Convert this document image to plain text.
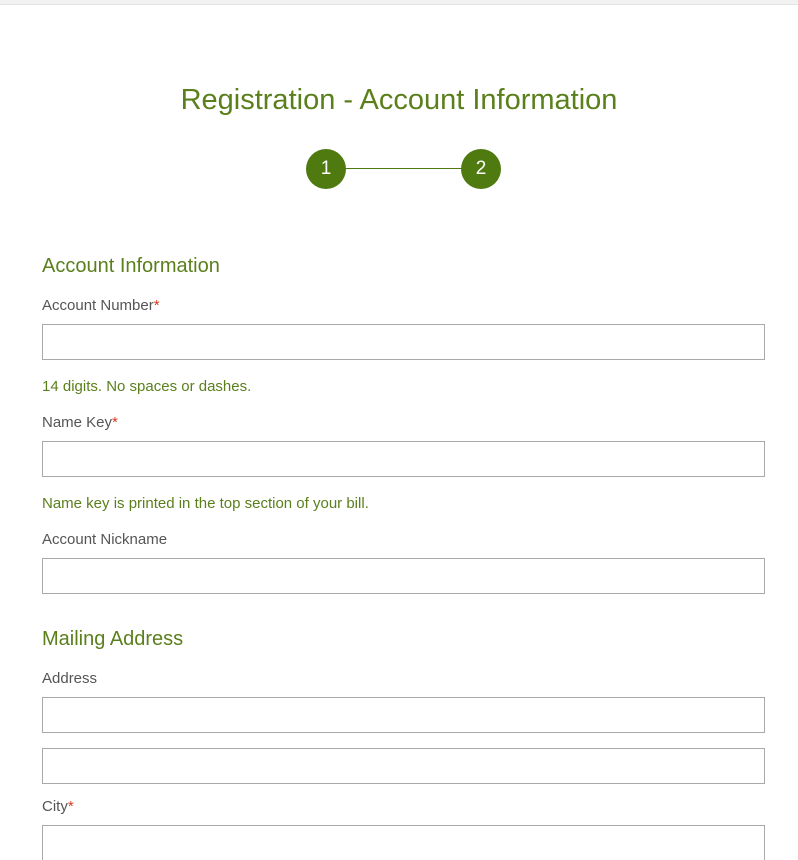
Registration - Account Information
1	2
Account Information
Account Number*
14 digits. No spaces or dashes.
Name Key*
Name key is printed in the top section of your bill.
Account Nickname
Mailing Address
Address
City*
